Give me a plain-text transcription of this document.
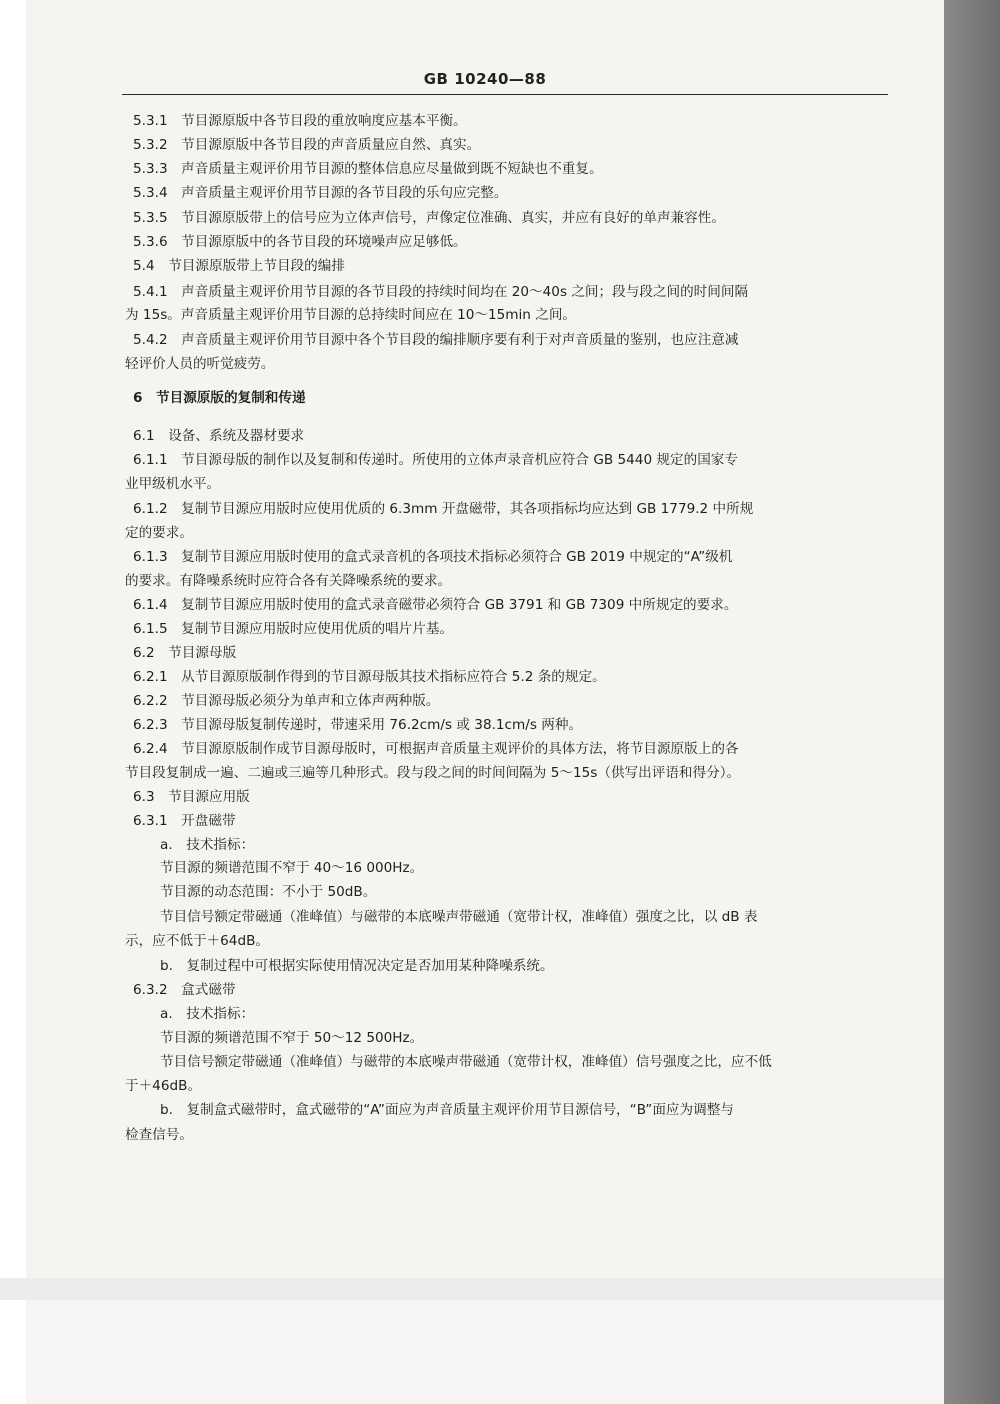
GB 10240—88
5.3.1　节目源原版中各节目段的重放响度应基本平衡。
5.3.2　节目源原版中各节目段的声音质量应自然、真实。
5.3.3　声音质量主观评价用节目源的整体信息应尽量做到既不短缺也不重复。
5.3.4　声音质量主观评价用节目源的各节目段的乐句应完整。
5.3.5　节目源原版带上的信号应为立体声信号，声像定位准确、真实，并应有良好的单声兼容性。
5.3.6　节目源原版中的各节目段的环境噪声应足够低。
5.4　节目源原版带上节目段的编排
5.4.1　声音质量主观评价用节目源的各节目段的持续时间均在 20～40s 之间；段与段之间的时间间隔
为 15s。声音质量主观评价用节目源的总持续时间应在 10～15min 之间。
5.4.2　声音质量主观评价用节目源中各个节目段的编排顺序要有利于对声音质量的鉴别，也应注意减
轻评价人员的听觉疲劳。
6　节目源原版的复制和传递
6.1　设备、系统及器材要求
6.1.1　节目源母版的制作以及复制和传递时。所使用的立体声录音机应符合 GB 5440 规定的国家专
业甲级机水平。
6.1.2　复制节目源应用版时应使用优质的 6.3mm 开盘磁带，其各项指标均应达到 GB 1779.2 中所规
定的要求。
6.1.3　复制节目源应用版时使用的盒式录音机的各项技术指标必须符合 GB 2019 中规定的“A”级机
的要求。有降噪系统时应符合各有关降噪系统的要求。
6.1.4　复制节目源应用版时使用的盒式录音磁带必须符合 GB 3791 和 GB 7309 中所规定的要求。
6.1.5　复制节目源应用版时应使用优质的唱片片基。
6.2　节目源母版
6.2.1　从节目源原版制作得到的节目源母版其技术指标应符合 5.2 条的规定。
6.2.2　节目源母版必须分为单声和立体声两种版。
6.2.3　节目源母版复制传递时，带速采用 76.2cm/s 或 38.1cm/s 两种。
6.2.4　节目源原版制作成节目源母版时，可根据声音质量主观评价的具体方法，将节目源原版上的各
节目段复制成一遍、二遍或三遍等几种形式。段与段之间的时间间隔为 5～15s（供写出评语和得分）。
6.3　节目源应用版
6.3.1　开盘磁带
a.　技术指标：
节目源的频谱范围不窄于 40～16 000Hz。
节目源的动态范围：不小于 50dB。
节目信号额定带磁通（准峰值）与磁带的本底噪声带磁通（宽带计权，准峰值）强度之比，以 dB 表
示，应不低于＋64dB。
b.　复制过程中可根据实际使用情况决定是否加用某种降噪系统。
6.3.2　盒式磁带
a.　技术指标：
节目源的频谱范围不窄于 50～12 500Hz。
节目信号额定带磁通（准峰值）与磁带的本底噪声带磁通（宽带计权，准峰值）信号强度之比，应不低
于＋46dB。
b.　复制盒式磁带时，盒式磁带的“A”面应为声音质量主观评价用节目源信号，“B”面应为调整与
检查信号。
